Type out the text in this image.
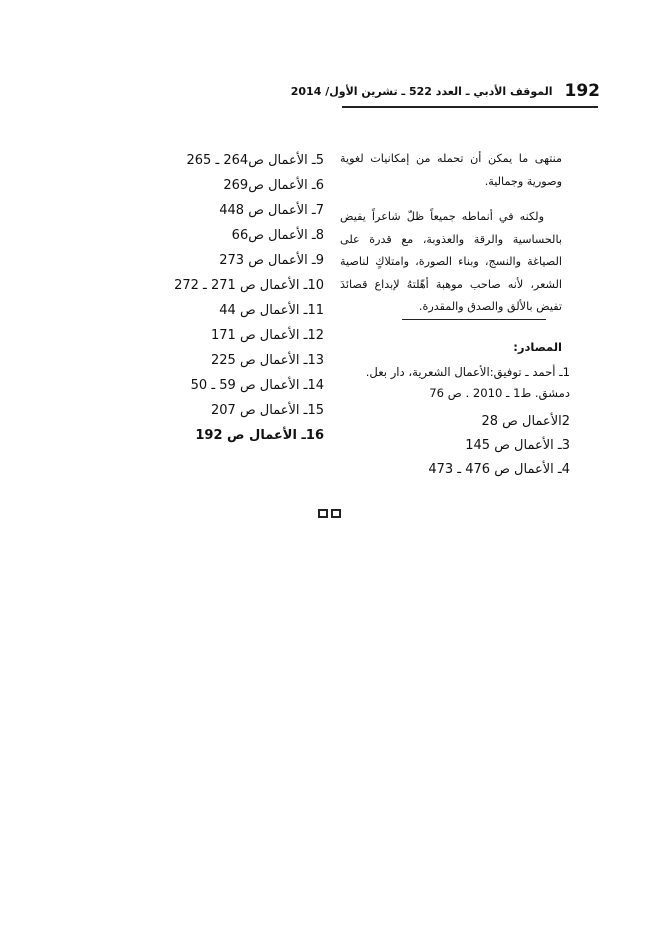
192
الموقف الأدبي ـ العدد 522 ـ تشرين الأول/ 2014

منتهى ما يمكن أن تحمله من إمكانيات لغوية وصورية وجمالية.

ولكنه في أنماطه جميعاً ظلّ شاعراً يفيض بالحساسية والرقة والعذوبة، مع قدرة على الصياغة والنسج، وبناء الصورة، وامتلاكٍ لناصية الشعر، لأنه صاحب موهبة أهّلتهُ لإبداع قصائدَ تفيض بالألق والصدق والمقدرة.

المصادر:
1ـ أحمد ـ توفيق:الأعمال الشعرية، دار بعل. دمشق. ط1 ـ 2010 . ص 76
2الأعمال ص 28
3ـ الأعمال ص 145
4ـ الأعمال ص 476 ـ 473
5ـ الأعمال ص264 ـ 265
6ـ الأعمال ص269
7ـ الأعمال ص 448
8ـ الأعمال ص66
9ـ الأعمال ص 273
10ـ الأعمال ص 271 ـ 272
11ـ الأعمال ص 44
12ـ الأعمال ص 171
13ـ الأعمال ص 225
14ـ الأعمال ص 59 ـ 50
15ـ الأعمال ص 207
16ـ الأعمال ص 192
